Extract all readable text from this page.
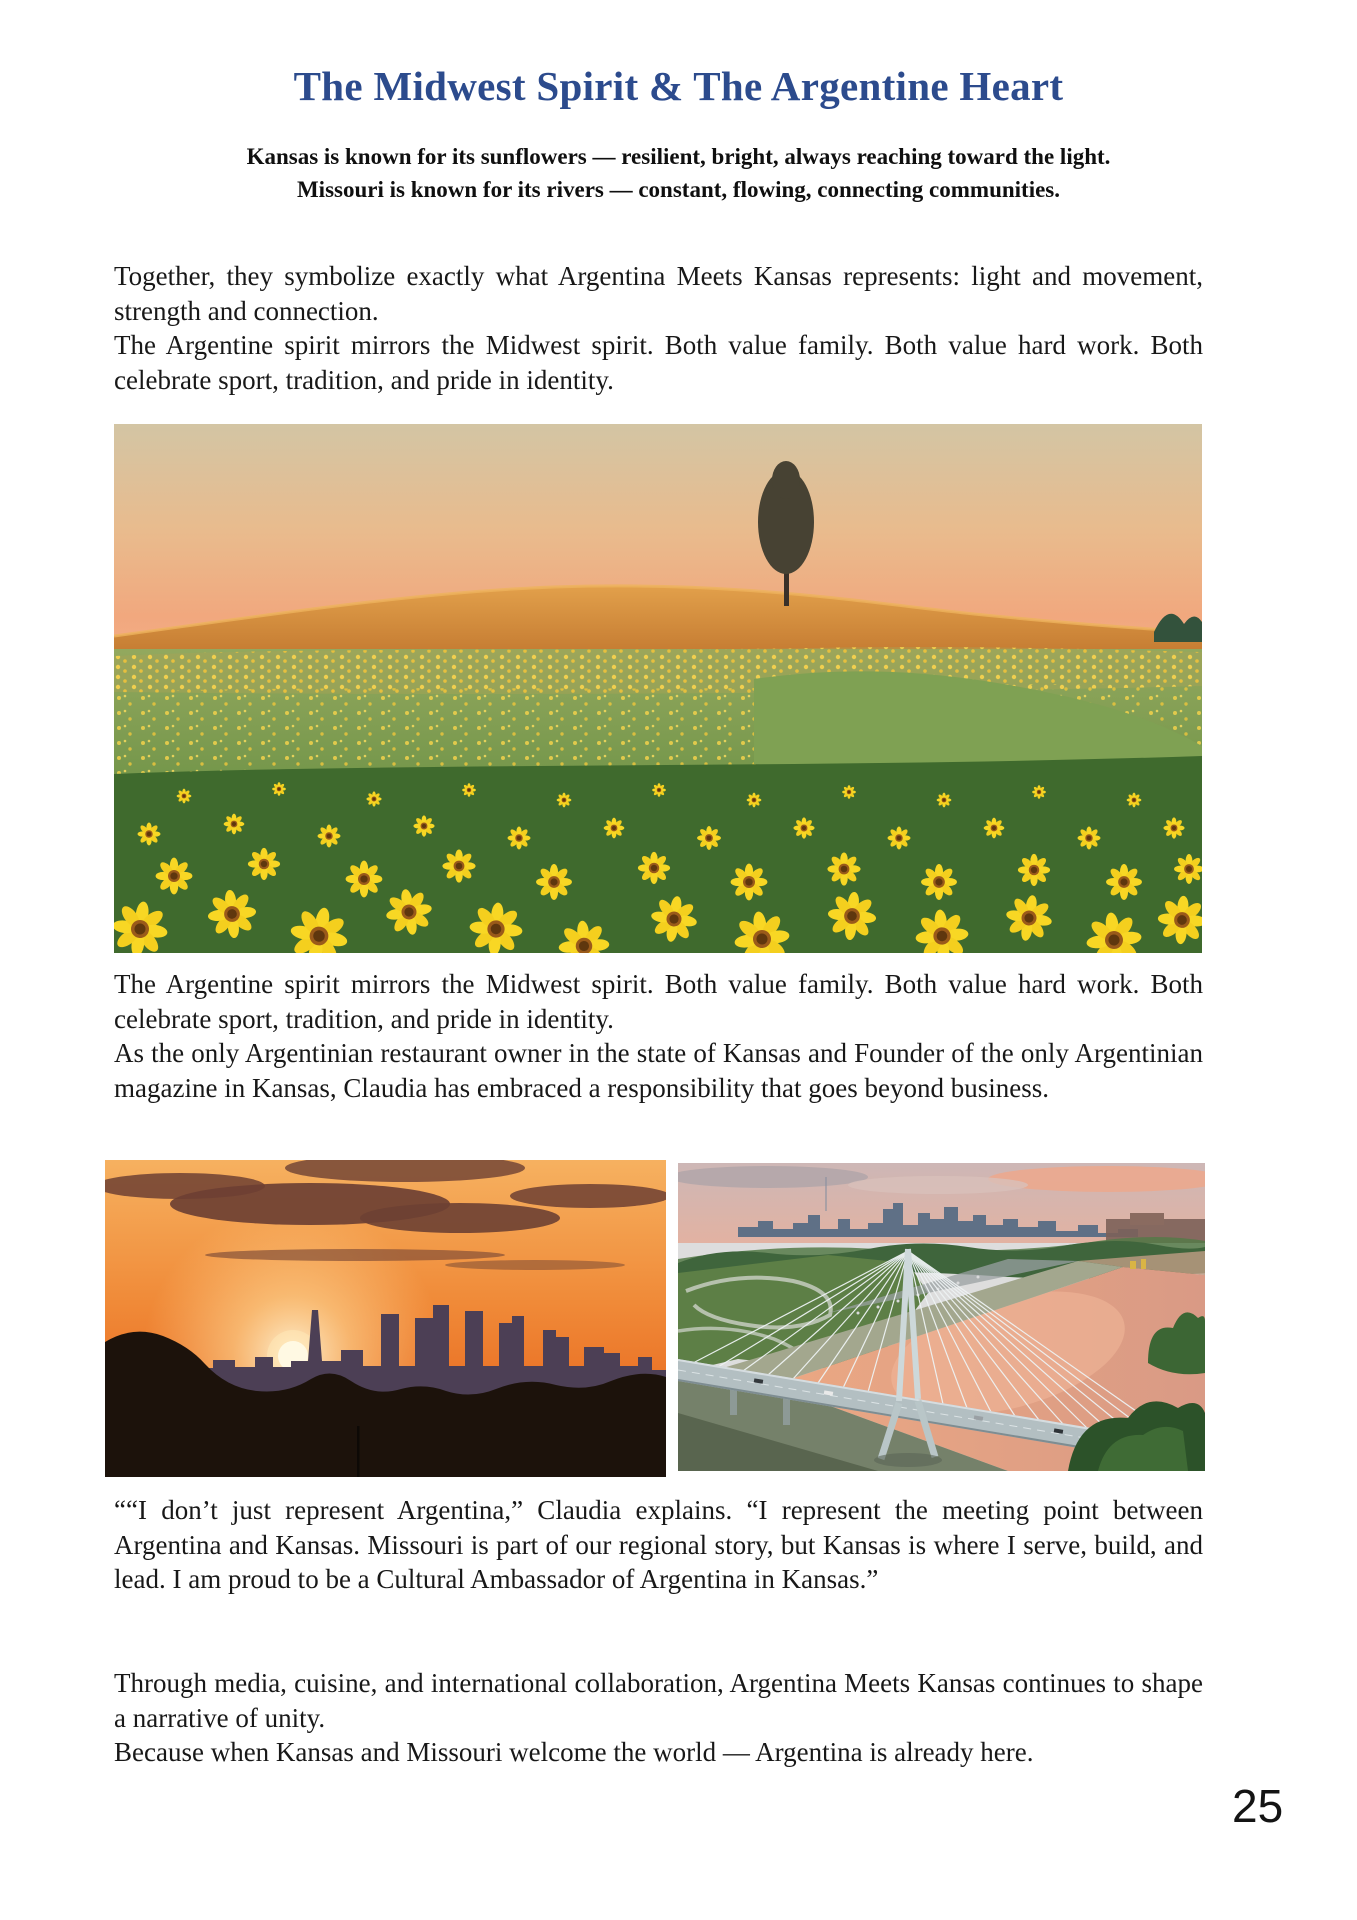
The Midwest Spirit & The Argentine Heart
Kansas is known for its sunflowers — resilient, bright, always reaching toward the light.
Missouri is known for its rivers — constant, flowing, connecting communities.

Together, they symbolize exactly what Argentina Meets Kansas represents: light and movement, strength and connection.

The Argentine spirit mirrors the Midwest spirit. Both value family. Both value hard work. Both celebrate sport, tradition, and pride in identity.

The Argentine spirit mirrors the Midwest spirit. Both value family. Both value hard work. Both celebrate sport, tradition, and pride in identity.

As the only Argentinian restaurant owner in the state of Kansas and Founder of the only Argentinian magazine in Kansas, Claudia has embraced a responsibility that goes beyond business.

““I don’t just represent Argentina,” Claudia explains. “I represent the meeting point between Argentina and Kansas. Missouri is part of our regional story, but Kansas is where I serve, build, and lead. I am proud to be a Cultural Ambassador of Argentina in Kansas.”

Through media, cuisine, and international collaboration, Argentina Meets Kansas continues to shape a narrative of unity.

Because when Kansas and Missouri welcome the world — Argentina is already here.

25
